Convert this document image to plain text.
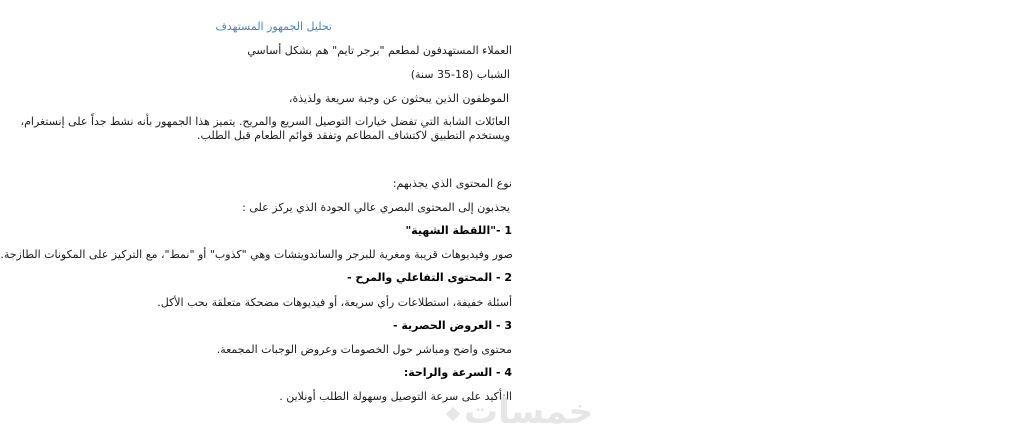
تحليل الجمهور المستهدف
العملاء المستهدفون لمطعم "برجر تايم" هم بشكل أساسي
الشباب (18-35 سنة)
الموظفون الذين يبحثون عن وجبة سريعة ولذيذة،
العائلات الشابة التي تفضل خيارات التوصيل السريع والمريح. يتميز هذا الجمهور بأنه نشط جداً على إنستغرام،
ويستخدم التطبيق لاكتشاف المطاعم وتفقد قوائم الطعام قبل الطلب.
نوع المحتوى الذي يجذبهم:
يجذبون إلى المحتوى البصري عالي الجودة الذي يركز على :
1 -"اللقطة الشهية"
صور وفيديوهات قريبة ومغرية للبرجر والساندويتشات وهي "كذوب" أو "نمط"، مع التركيز على المكونات الطازجة.
2 - المحتوى التفاعلي والمرح -
أسئلة خفيفة، استطلاعات رأي سريعة، أو فيديوهات مضحكة متعلقة بحب الأكل.
3 - العروض الحصرية -
محتوى واضح ومباشر حول الخصومات وعروض الوجبات المجمعة.
4 - السرعة والراحة:
التأكيد على سرعة التوصيل وسهولة الطلب أونلاين .
خمسات
